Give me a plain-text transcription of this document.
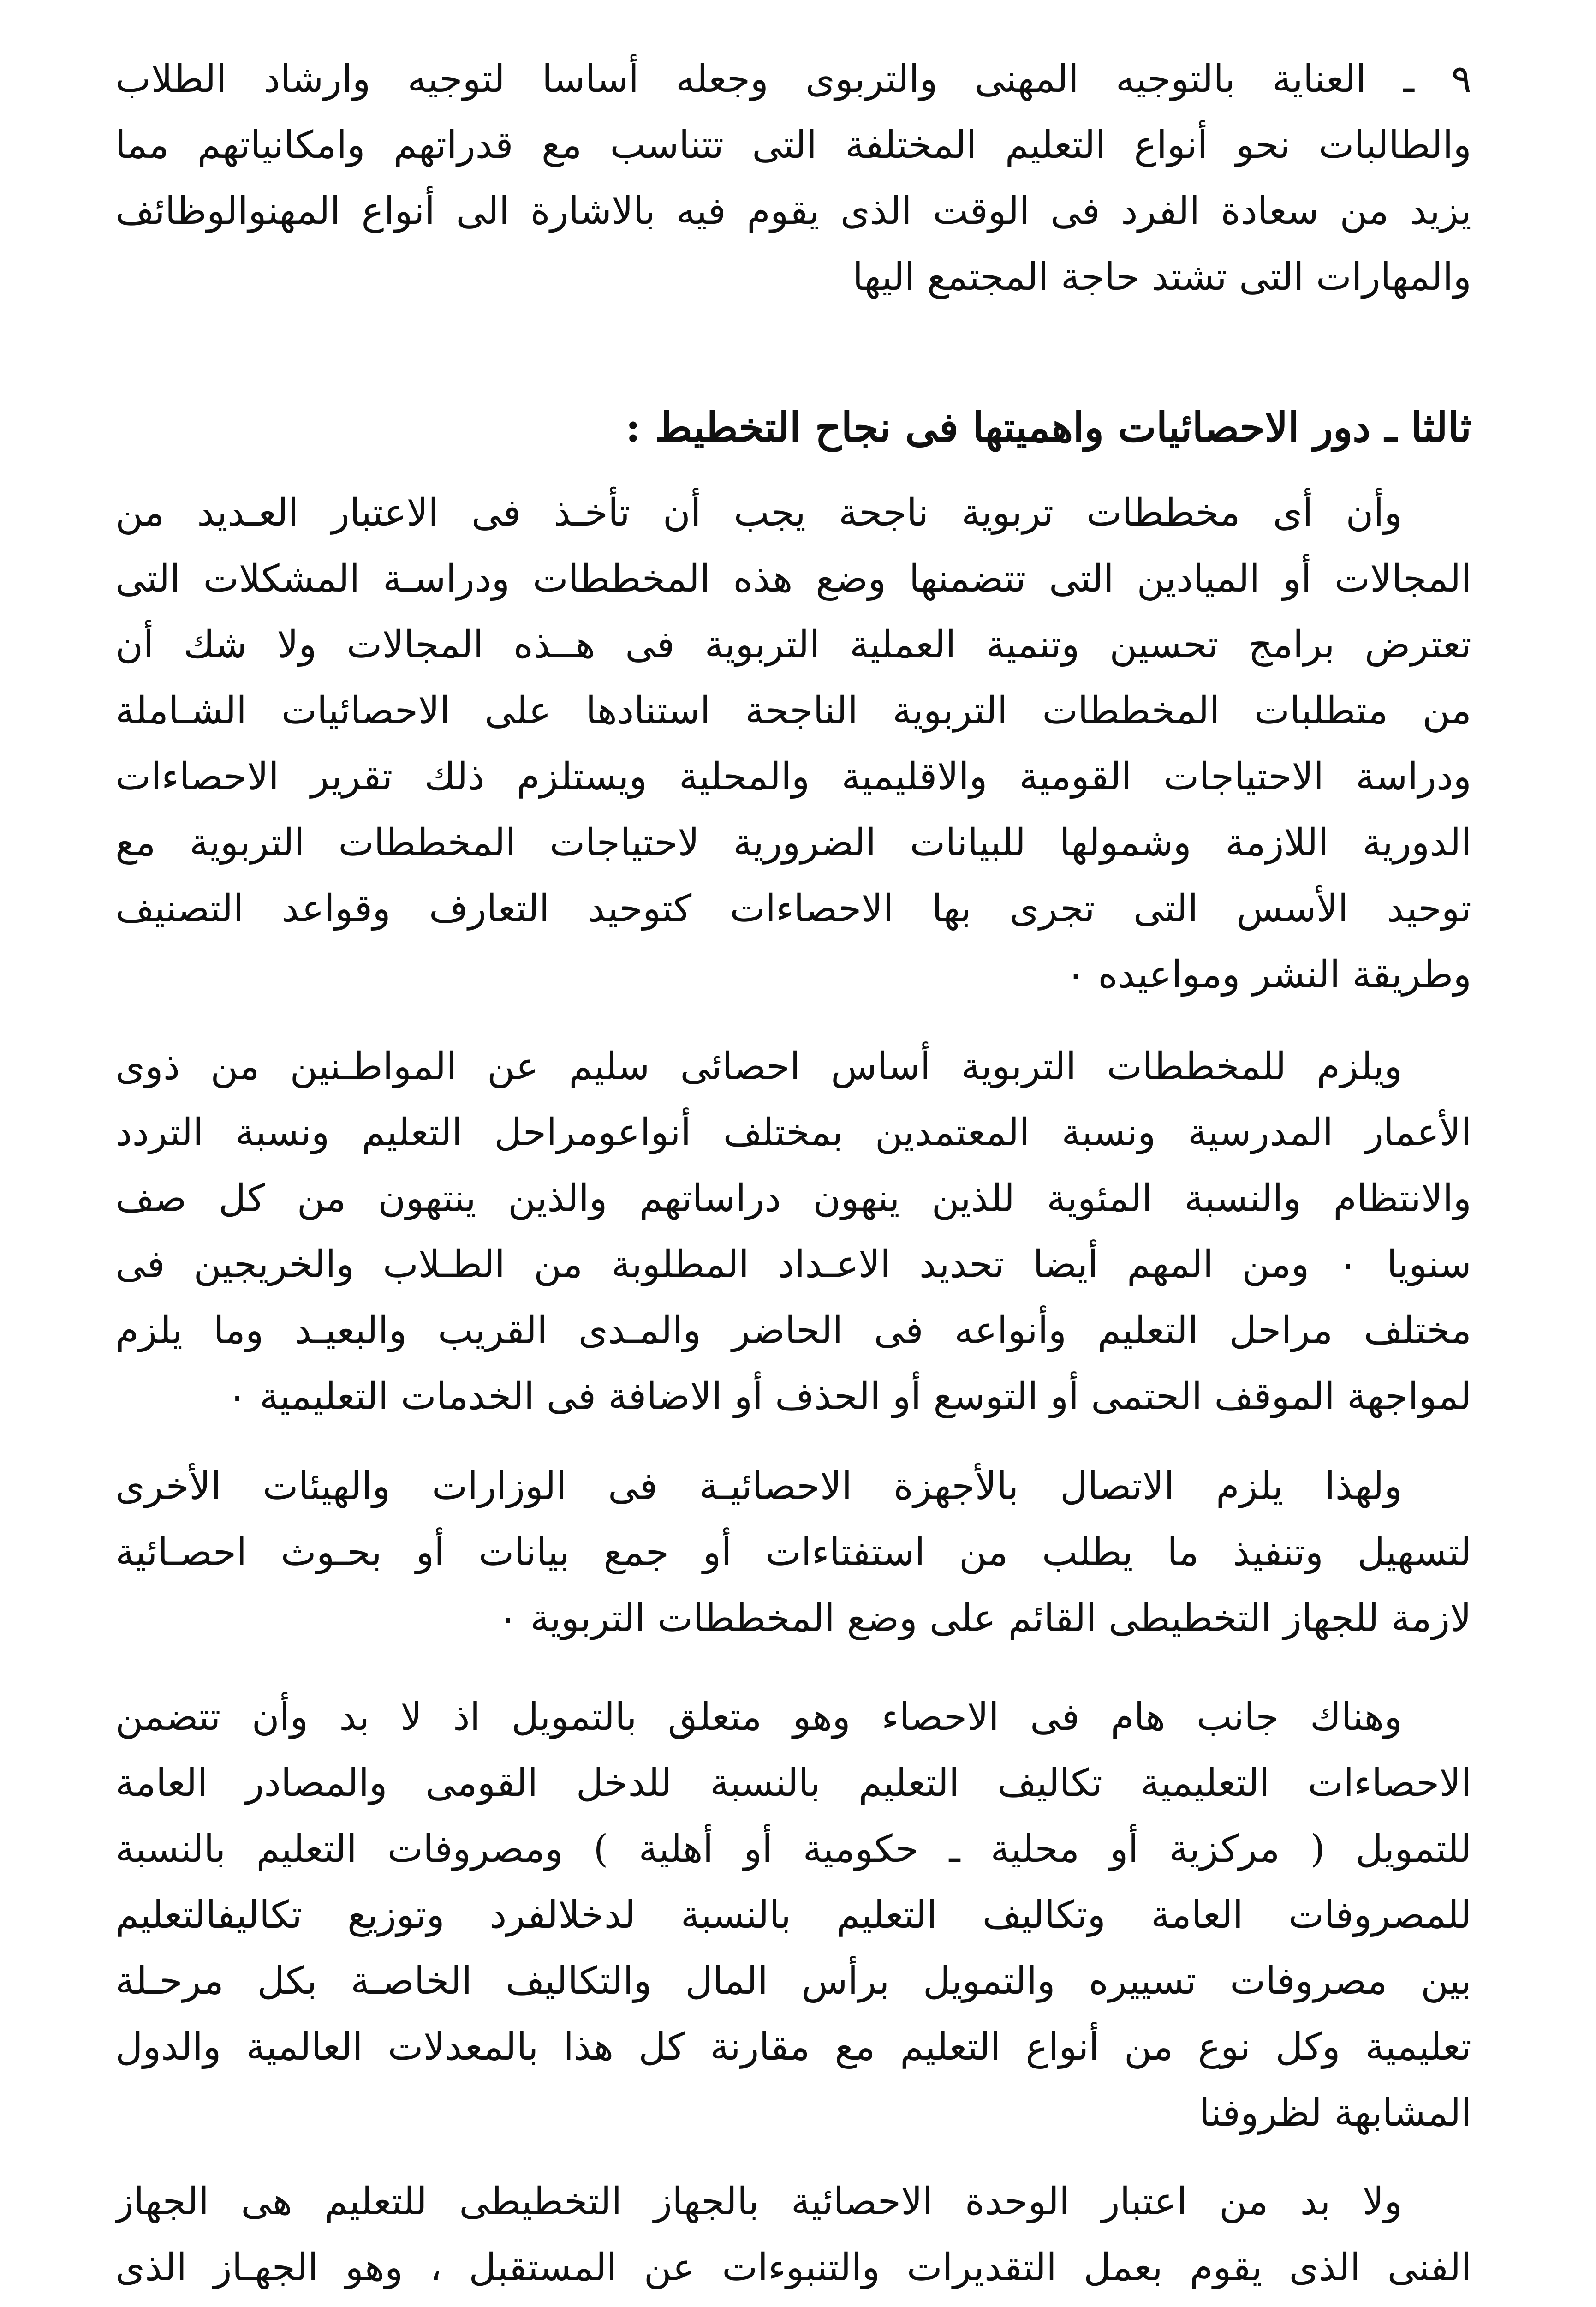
٩ ـ العناية بالتوجيه المهنى والتربوى وجعله أساسا لتوجيه وارشاد الطلاب
والطالبات نحو أنواع التعليم المختلفة التى تتناسب مع قدراتهم وامكانياتهم مما
يزيد من سعادة الفرد فى الوقت الذى يقوم فيه بالاشارة الى أنواع المهنوالوظائف
والمهارات التى تشتد حاجة المجتمع اليها
ثالثا ـ دور الاحصائيات واهميتها فى نجاح التخطيط :
وأن أى مخططات تربوية ناجحة يجب أن تأخـذ فى الاعتبار العـديد من
المجالات أو الميادين التى تتضمنها وضع هذه المخططات ودراسـة المشكلات التى
تعترض برامج تحسين وتنمية العملية التربوية فى هــذه المجالات ولا شك أن
من متطلبات المخططات التربوية الناجحة استنادها على الاحصائيات الشـاملة
ودراسة الاحتياجات القومية والاقليمية والمحلية ويستلزم ذلك تقرير الاحصاءات
الدورية اللازمة وشمولها للبيانات الضرورية لاحتياجات المخططات التربوية مع
توحيد الأسس التى تجرى بها الاحصاءات كتوحيد التعارف وقواعد التصنيف
وطريقة النشر ومواعيده ٠
ويلزم للمخططات التربوية أساس احصائى سليم عن المواطـنين من ذوى
الأعمار المدرسية ونسبة المعتمدين بمختلف أنواعومراحل التعليم ونسبة التردد
والانتظام والنسبة المئوية للذين ينهون دراساتهم والذين ينتهون من كل صف
سنويا ٠ ومن المهم أيضا تحديد الاعـداد المطلوبة من الطـلاب والخريجين فى
مختلف مراحل التعليم وأنواعه فى الحاضر والمـدى القريب والبعيـد وما يلزم
لمواجهة الموقف الحتمى أو التوسع أو الحذف أو الاضافة فى الخدمات التعليمية ٠
ولهذا يلزم الاتصال بالأجهزة الاحصائيـة فى الوزارات والهيئات الأخرى
لتسهيل وتنفيذ ما يطلب من استفتاءات أو جمع بيانات أو بحـوث احصـائية
لازمة للجهاز التخطيطى القائم على وضع المخططات التربوية ٠
وهناك جانب هام فى الاحصاء وهو متعلق بالتمويل اذ لا بد وأن تتضمن
الاحصاءات التعليمية تكاليف التعليم بالنسبة للدخل القومى والمصادر العامة
للتمويل ( مركزية أو محلية ـ حكومية أو أهلية ) ومصروفات التعليم بالنسبة
للمصروفات العامة وتكاليف التعليم بالنسبة لدخلالفرد وتوزيع تكاليفالتعليم
بين مصروفات تسييره والتمويل برأس المال والتكاليف الخاصـة بكل مرحـلة
تعليمية وكل نوع من أنواع التعليم مع مقارنة كل هذا بالمعدلات العالمية والدول
المشابهة لظروفنا
ولا بد من اعتبار الوحدة الاحصائية بالجهاز التخطيطى للتعليم هى الجهاز
الفنى الذى يقوم بعمل التقديرات والتنبوءات عن المستقبل ، وهو الجهـاز الذى
